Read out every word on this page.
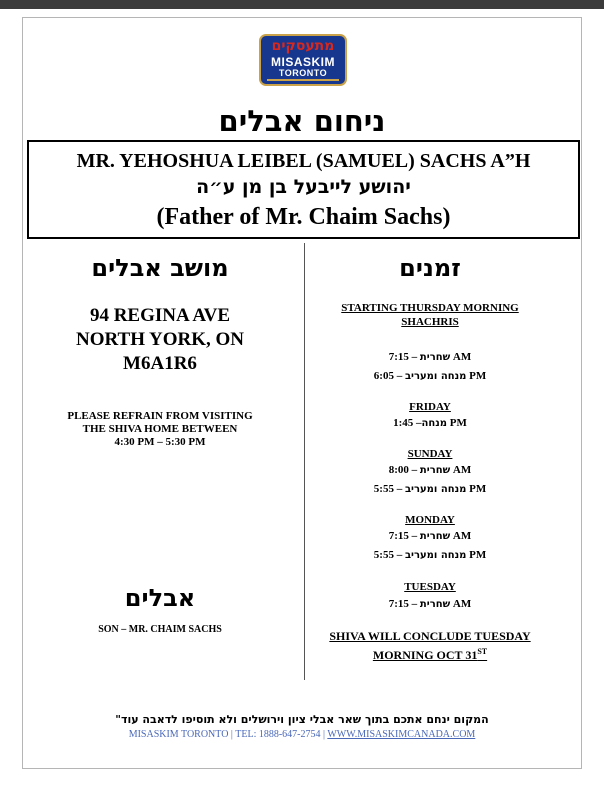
מתעסקים
MISASKIM
TORONTO
ניחום אבלים
MR. YEHOSHUA LEIBEL (SAMUEL) SACHS A”H
יהושע לייבעל בן מן ע״ה
(Father of Mr. Chaim Sachs)
מושב אבלים
94 REGINA AVE
NORTH YORK, ON
M6A1R6
PLEASE REFRAIN FROM VISITING
THE SHIVA HOME BETWEEN
4:30 PM – 5:30 PM
אבלים
SON – MR. CHAIM SACHS
זמנים
STARTING THURSDAY MORNING
SHACHRIS
שחרית – 7:15 AM
מנחה ומעריב – 6:05 PM
FRIDAY
מנחה– 1:45 PM
SUNDAY
שחרית – 8:00 AM
מנחה ומעריב – 5:55 PM
MONDAY
שחרית – 7:15 AM
מנחה ומעריב – 5:55 PM
TUESDAY
שחרית – 7:15 AM
SHIVA WILL CONCLUDE TUESDAY
MORNING OCT 31ST
המקום ינחם אתכם בתוך שאר אבלי ציון וירושלים ולא תוסיפו לדאבה עוד"
MISASKIM TORONTO | TEL: 1888-647-2754 | WWW.MISASKIMCANADA.COM
